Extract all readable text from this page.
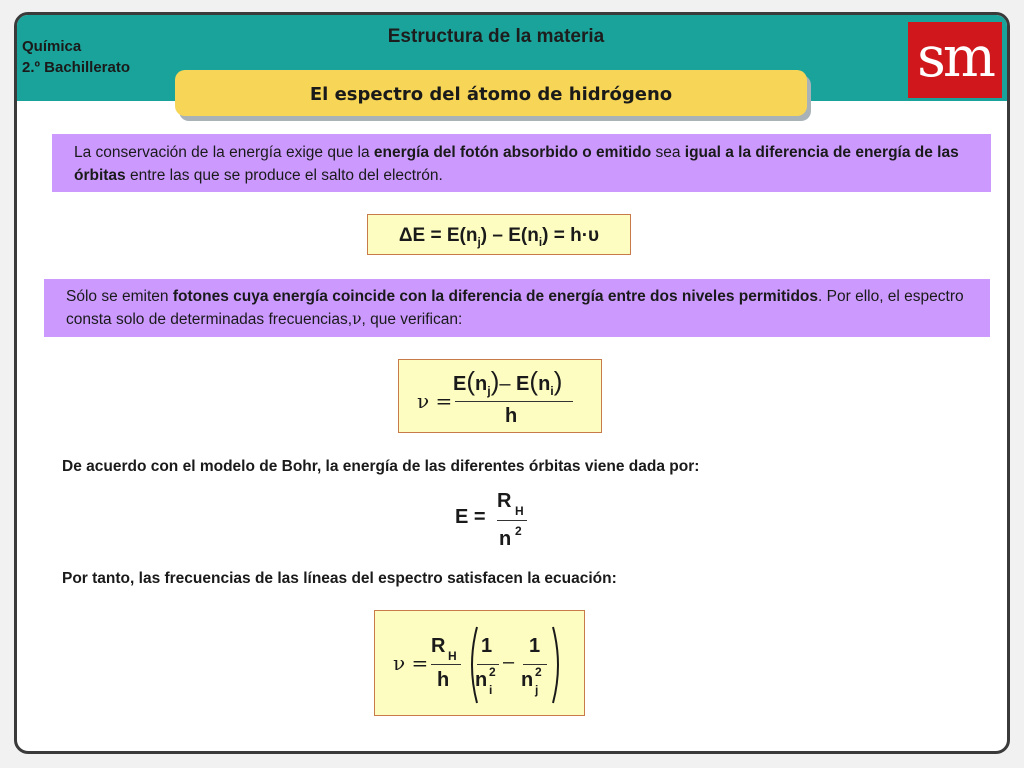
Química
2.º Bachillerato
Estructura de la materia	sm
El espectro del átomo de hidrógeno
La conservación de la energía exige que la energía del fotón absorbido o emitido sea igual a la diferencia de energía de las órbitas entre las que se produce el salto del electrón.
$\Delta E = E(n_j) - E(n_i) = h\cdot\upsilon$
Sólo se emiten fotones cuya energía coincide con la diferencia de energía entre dos niveles permitidos. Por ello, el espectro consta solo de determinadas frecuencias,ν, que verifican:
ν =
$E(n_j)-$ $E(n_i)$
h
De acuerdo con el modelo de Bohr, la energía de las diferentes órbitas viene dada por:
E =
R H
n 2
Por tanto, las frecuencias de las líneas del espectro satisfacen la ecuación:
ν =
R H
h
1
n 2
i
–
1
n 2
j
